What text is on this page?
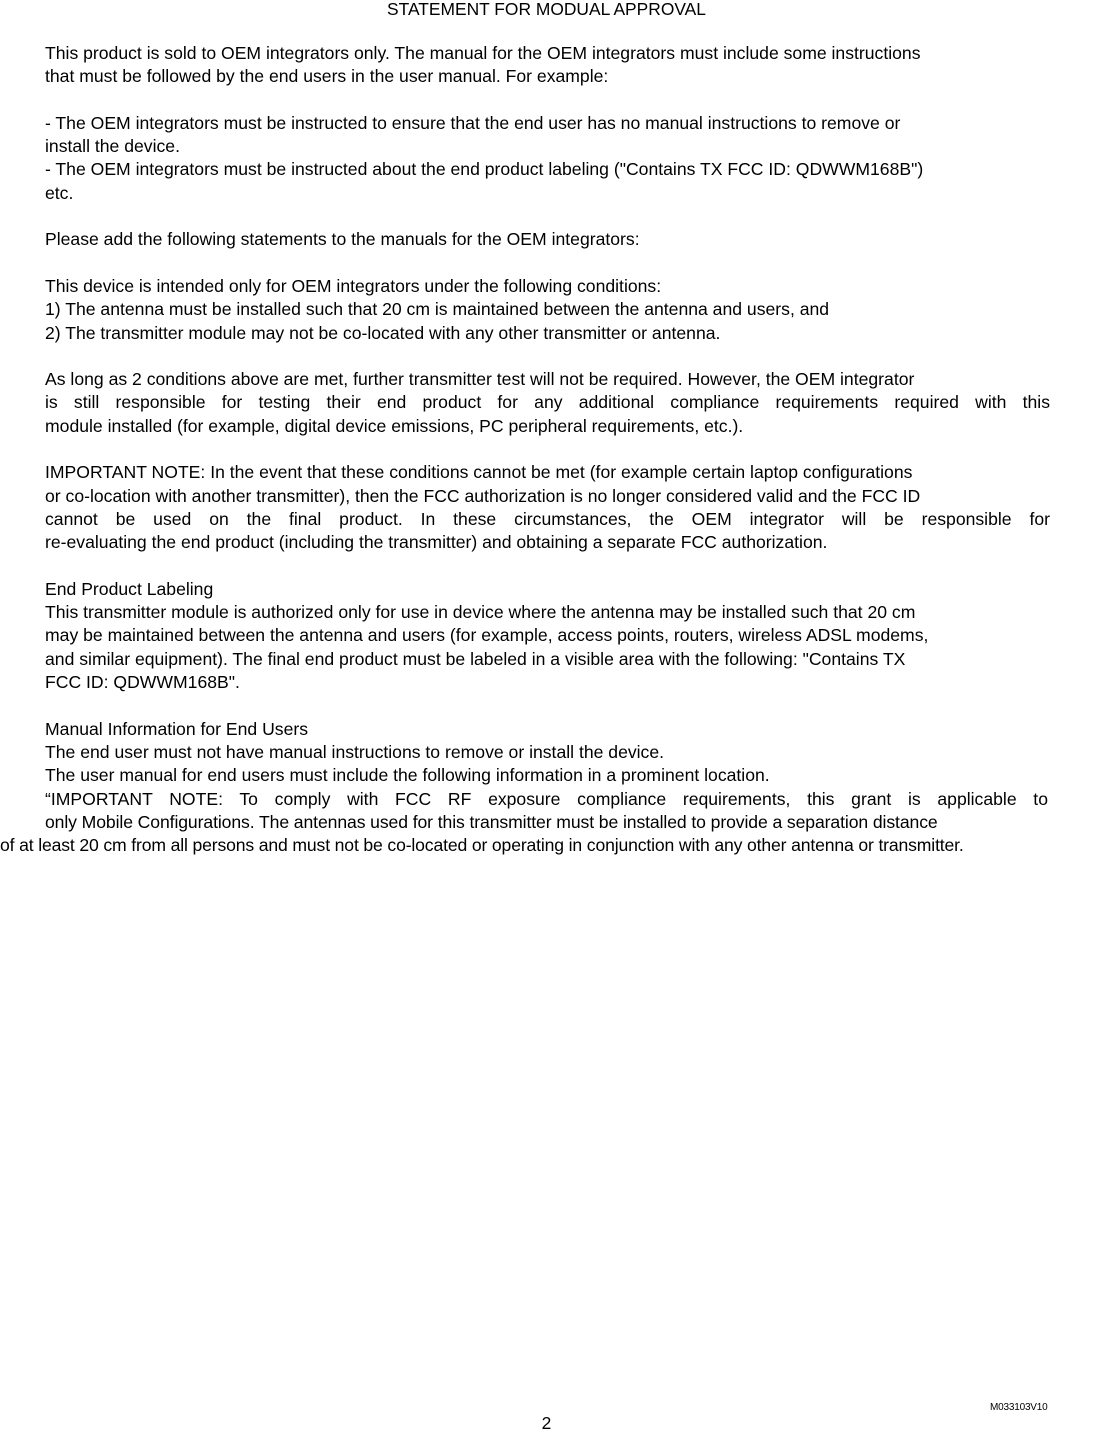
STATEMENT FOR MODUAL APPROVAL

This product is sold to OEM integrators only. The manual for the OEM integrators must include some instructions

that must be followed by the end users in the user manual. For example:

- The OEM integrators must be instructed to ensure that the end user has no manual instructions to remove or

install the device.

- The OEM integrators must be instructed about the end product labeling ("Contains TX FCC ID: QDWWM168B")

etc.

Please add the following statements to the manuals for the OEM integrators:

This device is intended only for OEM integrators under the following conditions:

1) The antenna must be installed such that 20 cm is maintained between the antenna and users, and

2) The transmitter module may not be co-located with any other transmitter or antenna.

As long as 2 conditions above are met, further transmitter test will not be required. However, the OEM integrator

is still responsible for testing their end product for any additional compliance requirements required with this

module installed (for example, digital device emissions, PC peripheral requirements, etc.).

IMPORTANT NOTE: In the event that these conditions cannot be met (for example certain laptop configurations

or co-location with another transmitter), then the FCC authorization is no longer considered valid and the FCC ID

cannot be used on the final product. In these circumstances, the OEM integrator will be responsible for

re-evaluating the end product (including the transmitter) and obtaining a separate FCC authorization.

End Product Labeling

This transmitter module is authorized only for use in device where the antenna may be installed such that 20 cm

may be maintained between the antenna and users (for example, access points, routers, wireless ADSL modems,

and similar equipment). The final end product must be labeled in a visible area with the following: "Contains TX

FCC ID: QDWWM168B".

Manual Information for End Users

The end user must not have manual instructions to remove or install the device.

The user manual for end users must include the following information in a prominent location.

“IMPORTANT NOTE: To comply with FCC RF exposure compliance requirements, this grant is applicable to

only Mobile Configurations. The antennas used for this transmitter must be installed to provide a separation distance

of at least 20 cm from all persons and must not be co-located or operating in conjunction with any other antenna or transmitter.

M033103V10
2
